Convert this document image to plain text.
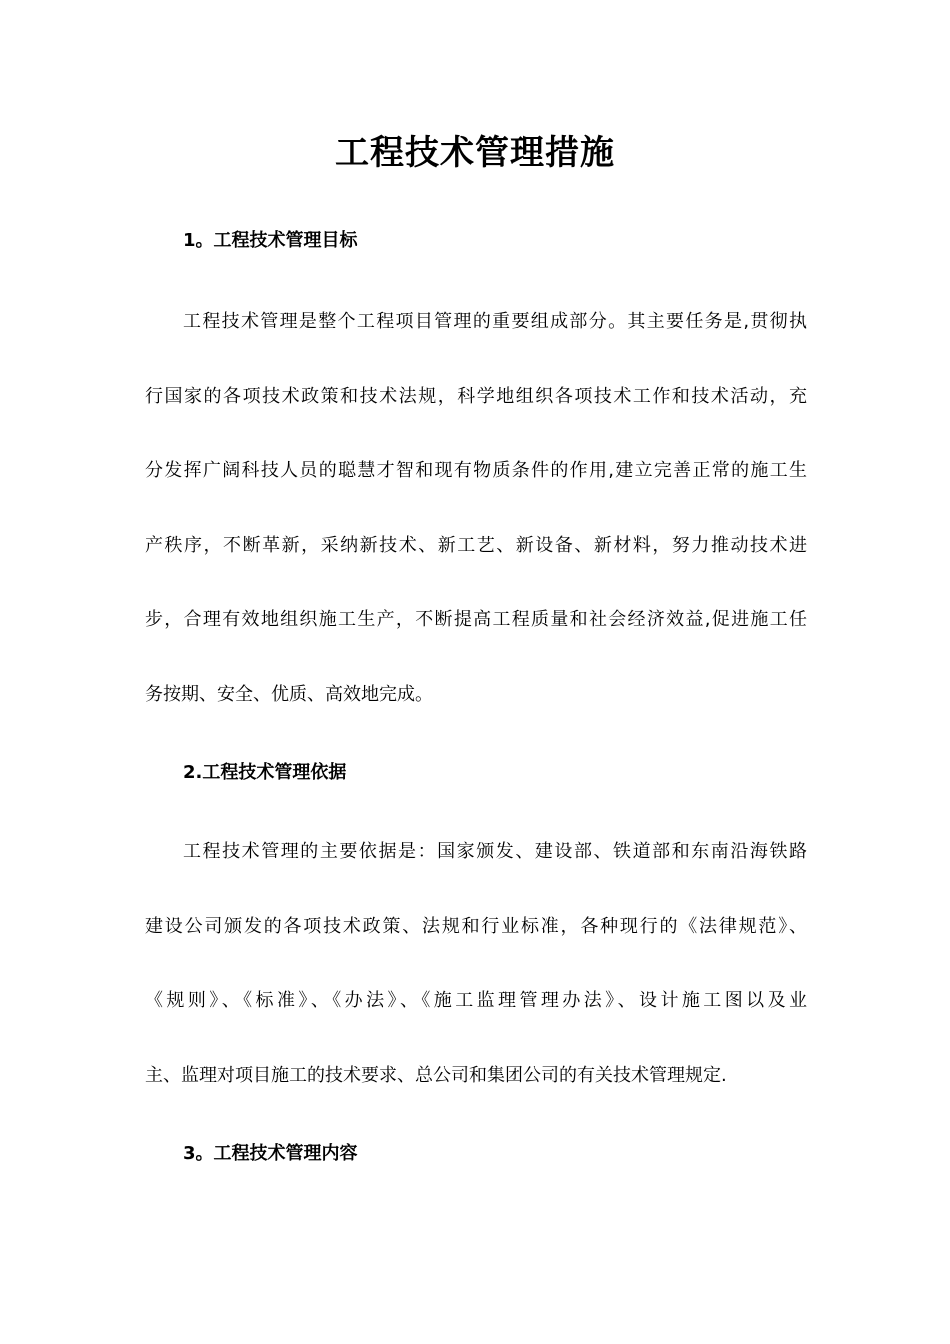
工程技术管理措施
1。工程技术管理目标
工程技术管理是整个工程项目管理的重要组成部分。其主要任务是,贯彻执
行国家的各项技术政策和技术法规，科学地组织各项技术工作和技术活动，充
分发挥广阔科技人员的聪慧才智和现有物质条件的作用,建立完善正常的施工生
产秩序，不断革新，采纳新技术、新工艺、新设备、新材料，努力推动技术进
步，合理有效地组织施工生产，不断提高工程质量和社会经济效益,促进施工任
务按期、安全、优质、高效地完成。
2.工程技术管理依据
工程技术管理的主要依据是：国家颁发、建设部、铁道部和东南沿海铁路
建设公司颁发的各项技术政策、法规和行业标准，各种现行的《法律规范》、
《规则》、《标准》、《办法》、《施工监理管理办法》、设计施工图以及业
主、监理对项目施工的技术要求、总公司和集团公司的有关技术管理规定.
3。工程技术管理内容
